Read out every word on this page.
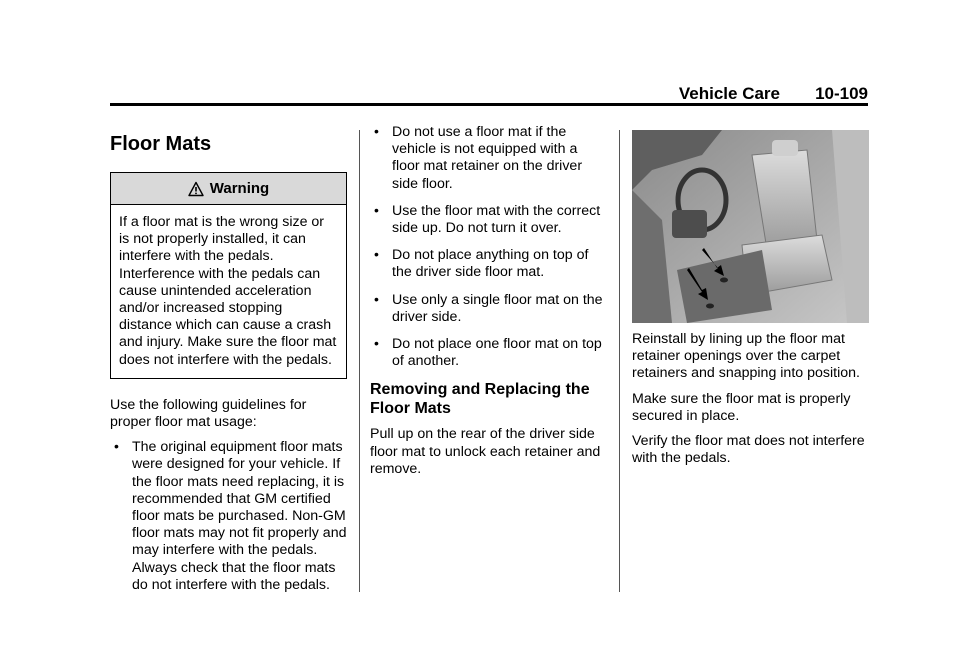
Vehicle Care 10-109
Floor Mats
Warning
If a floor mat is the wrong size or is not properly installed, it can interfere with the pedals. Interference with the pedals can cause unintended acceleration and/or increased stopping distance which can cause a crash and injury. Make sure the floor mat does not interfere with the pedals.

Use the following guidelines for proper floor mat usage:

• The original equipment floor mats were designed for your vehicle. If the floor mats need replacing, it is recommended that GM certified floor mats be purchased. Non-GM floor mats may not fit properly and may interfere with the pedals. Always check that the floor mats do not interfere with the pedals.
• Do not use a floor mat if the vehicle is not equipped with a floor mat retainer on the driver side floor.
• Use the floor mat with the correct side up. Do not turn it over.
• Do not place anything on top of the driver side floor mat.
• Use only a single floor mat on the driver side.
• Do not place one floor mat on top of another.
Removing and Replacing the Floor Mats

Pull up on the rear of the driver side floor mat to unlock each retainer and remove.

Reinstall by lining up the floor mat retainer openings over the carpet retainers and snapping into position.

Make sure the floor mat is properly secured in place.

Verify the floor mat does not interfere with the pedals.
